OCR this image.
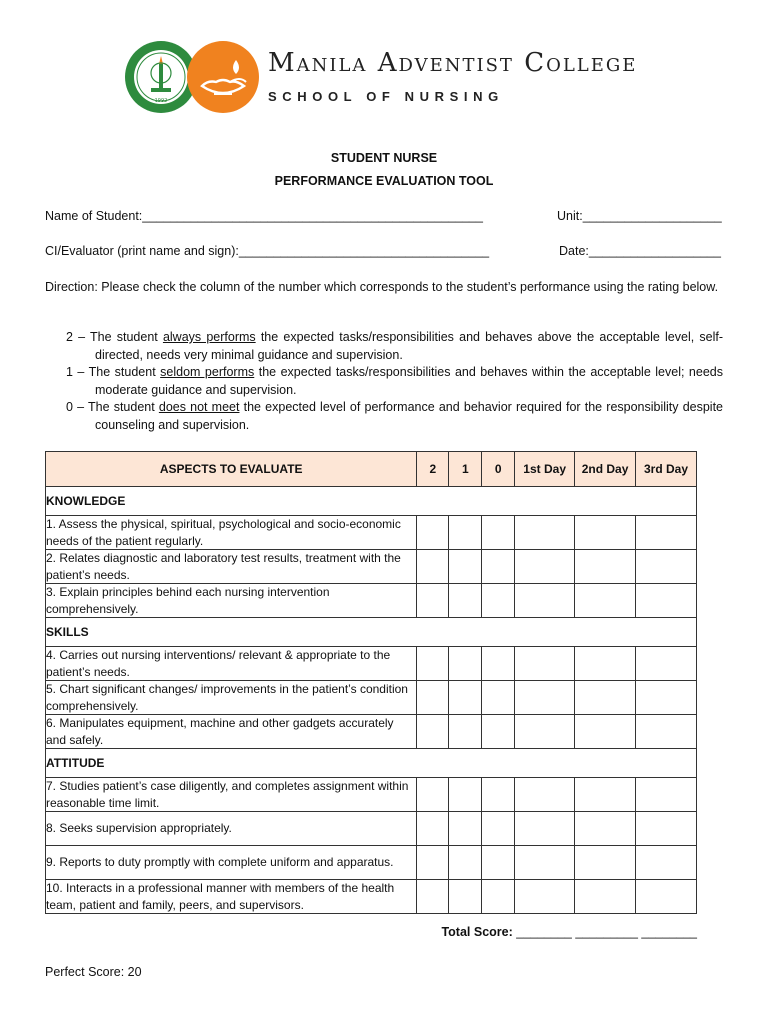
1992
Manila Adventist College
SCHOOL OF NURSING
STUDENT NURSE
PERFORMANCE EVALUATION TOOL
Name of Student:_________________________________________________	Unit:____________________
CI/Evaluator (print name and sign):____________________________________	Date:___________________
Direction: Please check the column of the number which corresponds to the student’s performance using the rating below.
2 – The student always performs the expected tasks/responsibilities and behaves above the acceptable level, self-directed, needs very minimal guidance and supervision.
1 – The student seldom performs the expected tasks/responsibilities and behaves within the acceptable level; needs moderate guidance and supervision.
0 – The student does not meet the expected level of performance and behavior required for the responsibility despite counseling and supervision.
ASPECTS TO EVALUATE	2	1	0	1st Day	2nd Day	3rd Day
KNOWLEDGE						
1. Assess the physical, spiritual, psychological and socio-economic needs of the patient regularly.						
2. Relates diagnostic and laboratory test results, treatment with the patient’s needs.						
3. Explain principles behind each nursing intervention comprehensively.						
SKILLS						
4. Carries out nursing interventions/ relevant & appropriate to the patient’s needs.						
5. Chart significant changes/ improvements in the patient’s condition comprehensively.						
6. Manipulates equipment, machine and other gadgets accurately and safely.						
ATTITUDE						
7. Studies patient’s case diligently, and completes assignment within reasonable time limit.						
8. Seeks supervision appropriately.						
9. Reports to duty promptly with complete uniform and apparatus.						
10. Interacts in a professional manner with members of the health team, patient and family, peers, and supervisors.						
Total Score: ________ _________ ________
Perfect Score: 20
